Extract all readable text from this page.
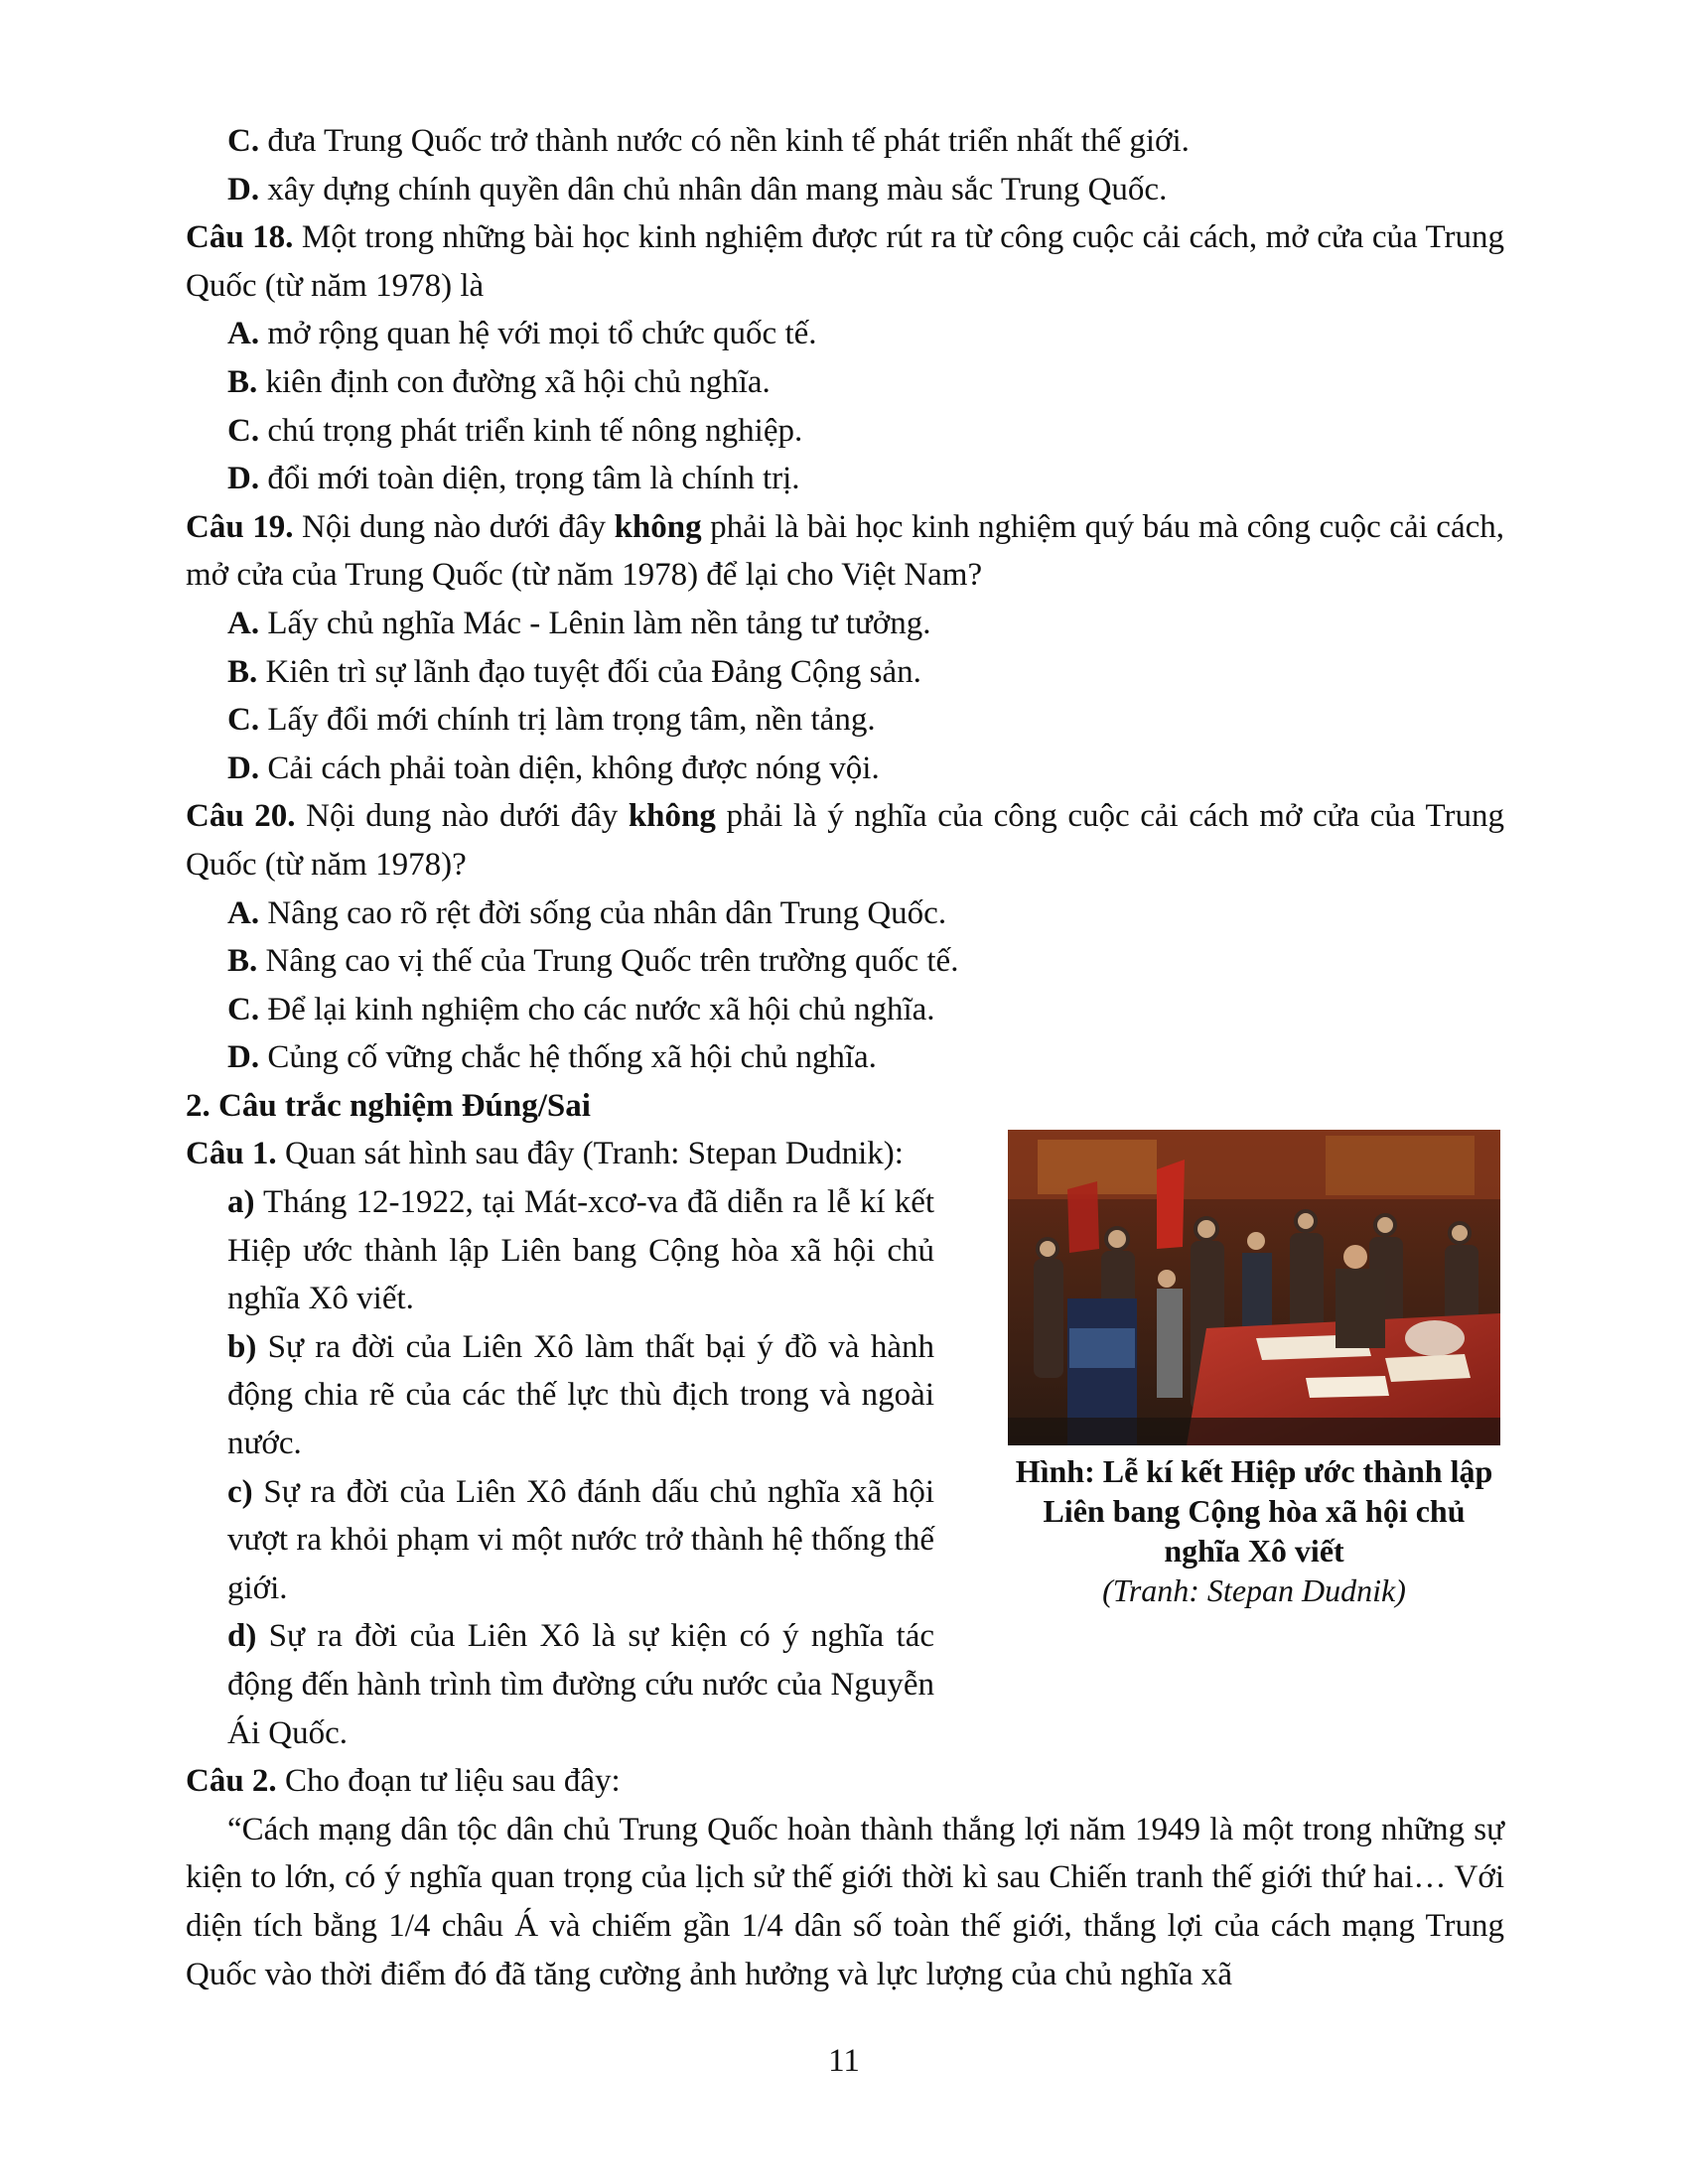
C. đưa Trung Quốc trở thành nước có nền kinh tế phát triển nhất thế giới.
D. xây dựng chính quyền dân chủ nhân dân mang màu sắc Trung Quốc.
Câu 18. Một trong những bài học kinh nghiệm được rút ra từ công cuộc cải cách, mở cửa của Trung Quốc (từ năm 1978) là
A. mở rộng quan hệ với mọi tổ chức quốc tế.
B. kiên định con đường xã hội chủ nghĩa.
C. chú trọng phát triển kinh tế nông nghiệp.
D. đổi mới toàn diện, trọng tâm là chính trị.
Câu 19. Nội dung nào dưới đây không phải là bài học kinh nghiệm quý báu mà công cuộc cải cách, mở cửa của Trung Quốc (từ năm 1978) để lại cho Việt Nam?
A. Lấy chủ nghĩa Mác - Lênin làm nền tảng tư tưởng.
B. Kiên trì sự lãnh đạo tuyệt đối của Đảng Cộng sản.
C. Lấy đổi mới chính trị làm trọng tâm, nền tảng.
D. Cải cách phải toàn diện, không được nóng vội.
Câu 20. Nội dung nào dưới đây không phải là ý nghĩa của công cuộc cải cách mở cửa của Trung Quốc (từ năm 1978)?
A. Nâng cao rõ rệt đời sống của nhân dân Trung Quốc.
B. Nâng cao vị thế của Trung Quốc trên trường quốc tế.
C. Để lại kinh nghiệm cho các nước xã hội chủ nghĩa.
D. Củng cố vững chắc hệ thống xã hội chủ nghĩa.
2. Câu trắc nghiệm Đúng/Sai
Câu 1. Quan sát hình sau đây (Tranh: Stepan Dudnik):
a) Tháng 12-1922, tại Mát-xcơ-va đã diễn ra lễ kí kết Hiệp ước thành lập Liên bang Cộng hòa xã hội chủ nghĩa Xô viết.
b) Sự ra đời của Liên Xô làm thất bại ý đồ và hành động chia rẽ của các thế lực thù địch trong và ngoài nước.
c) Sự ra đời của Liên Xô đánh dấu chủ nghĩa xã hội vượt ra khỏi phạm vi một nước trở thành hệ thống thế giới.
d) Sự ra đời của Liên Xô là sự kiện có ý nghĩa tác động đến hành trình tìm đường cứu nước của Nguyễn Ái Quốc.
Hình: Lễ kí kết Hiệp ước thành lập Liên bang Cộng hòa xã hội chủ nghĩa Xô viết
(Tranh: Stepan Dudnik)
Câu 2. Cho đoạn tư liệu sau đây:
“Cách mạng dân tộc dân chủ Trung Quốc hoàn thành thắng lợi năm 1949 là một trong những sự kiện to lớn, có ý nghĩa quan trọng của lịch sử thế giới thời kì sau Chiến tranh thế giới thứ hai… Với diện tích bằng 1/4 châu Á và chiếm gần 1/4 dân số toàn thế giới, thắng lợi của cách mạng Trung Quốc vào thời điểm đó đã tăng cường ảnh hưởng và lực lượng của chủ nghĩa xã
11
